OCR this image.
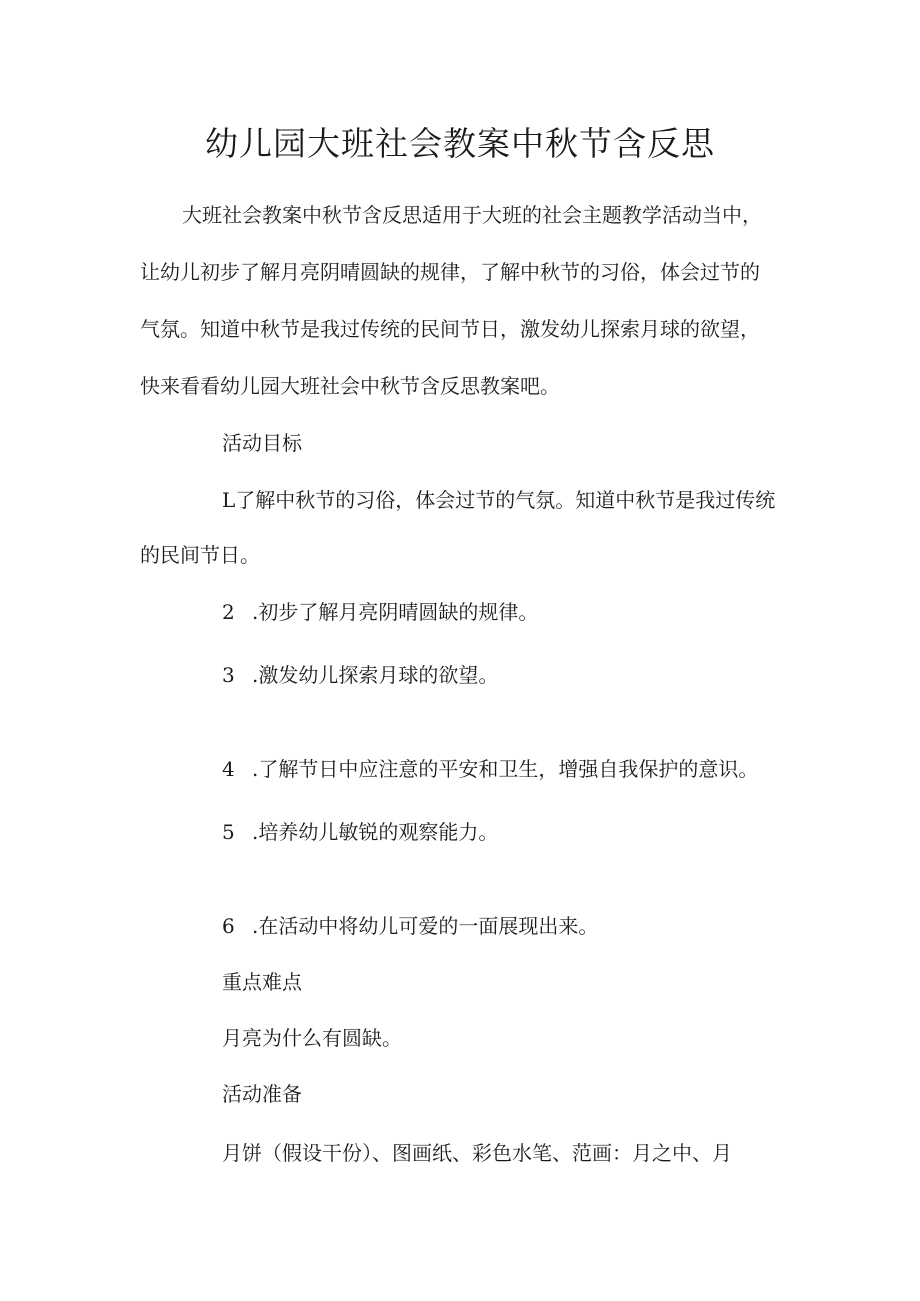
幼儿园大班社会教案中秋节含反思

大班社会教案中秋节含反思适用于大班的社会主题教学活动当中，

让幼儿初步了解月亮阴晴圆缺的规律，了解中秋节的习俗，体会过节的

气氛。知道中秋节是我过传统的民间节日，激发幼儿探索月球的欲望，

快来看看幼儿园大班社会中秋节含反思教案吧。

活动目标

L了解中秋节的习俗，体会过节的气氛。知道中秋节是我过传统

的民间节日。

2 .初步了解月亮阴晴圆缺的规律。

3 .激发幼儿探索月球的欲望。

4 .了解节日中应注意的平安和卫生，增强自我保护的意识。

5 .培养幼儿敏锐的观察能力。

6 .在活动中将幼儿可爱的一面展现出来。

重点难点

月亮为什么有圆缺。

活动准备

月饼（假设干份）、图画纸、彩色水笔、范画：月之中、月
